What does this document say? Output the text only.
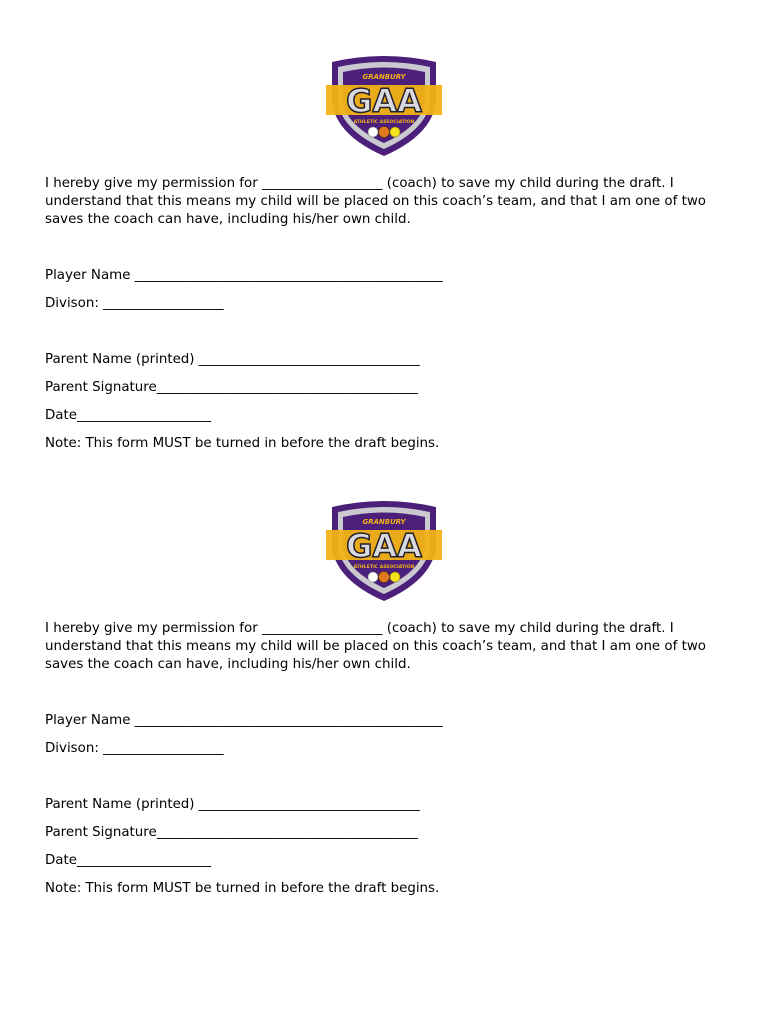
GRANBURY
GAA
ATHLETIC ASSOCIATION

I hereby give my permission for __________________ (coach) to save my child during the draft. I understand that this means my child will be placed on this coach’s team, and that I am one of two saves the coach can have, including his/her own child.

Player Name ______________________________________________

Divison: __________________

Parent Name (printed) _________________________________

Parent Signature_______________________________________

Date____________________

Note: This form MUST be turned in before the draft begins.

GRANBURY
GAA
ATHLETIC ASSOCIATION

I hereby give my permission for __________________ (coach) to save my child during the draft. I understand that this means my child will be placed on this coach’s team, and that I am one of two saves the coach can have, including his/her own child.

Player Name ______________________________________________

Divison: __________________

Parent Name (printed) _________________________________

Parent Signature_______________________________________

Date____________________

Note: This form MUST be turned in before the draft begins.
